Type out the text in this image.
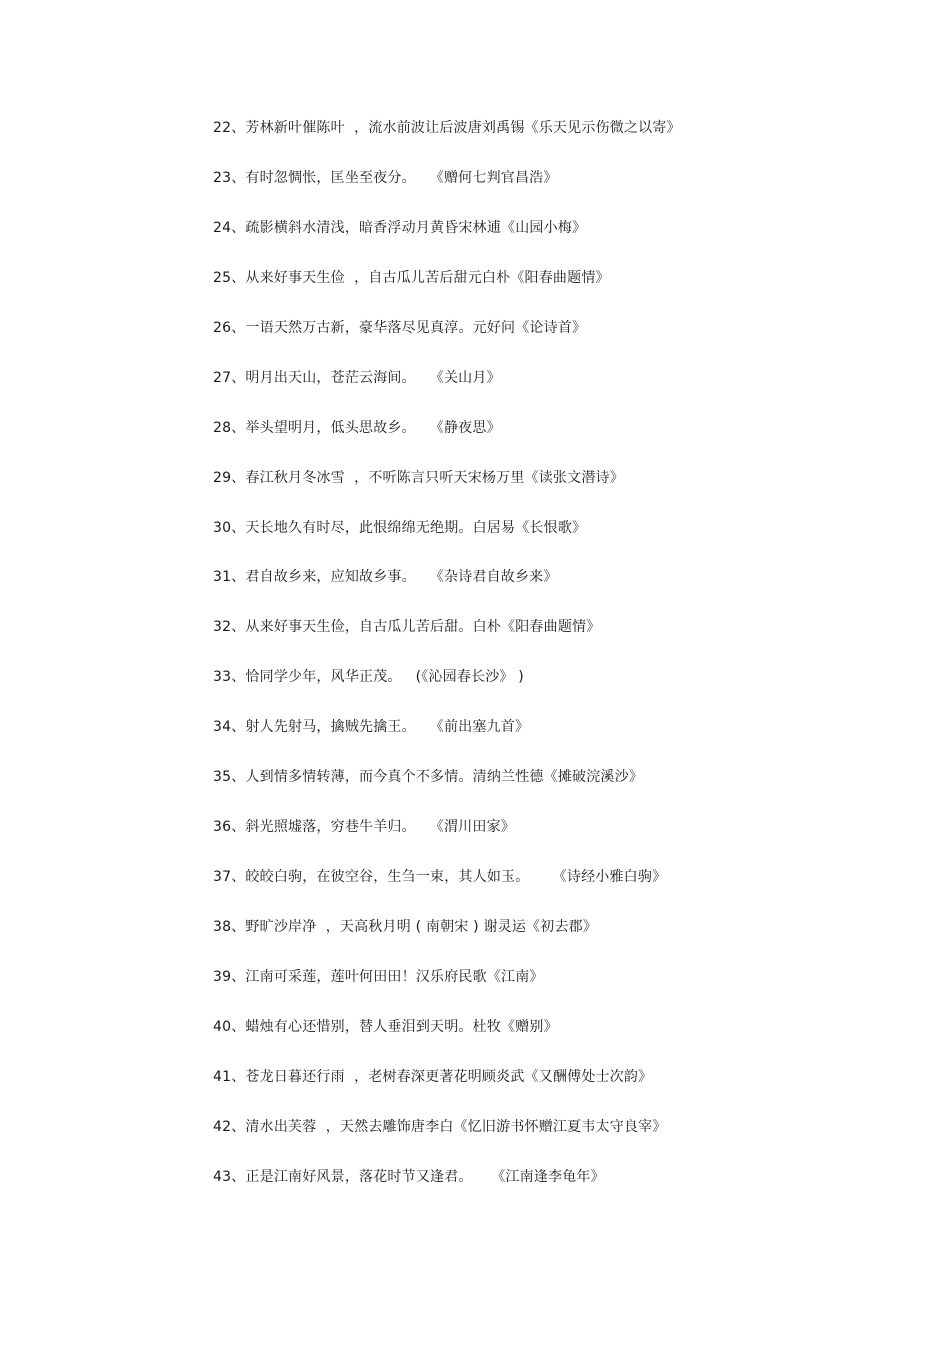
22、芳林新叶催陈叶  ，流水前波让后波唐刘禹锡《乐天见示伤微之以寄》
23、有时忽惆怅，匡坐至夜分。   《赠何七判官昌浩》
24、疏影横斜水清浅，暗香浮动月黄昏宋林逋《山园小梅》
25、从来好事天生俭  ，自古瓜儿苦后甜元白朴《阳春曲题情》
26、一语天然万古新，豪华落尽见真淳。元好问《论诗首》
27、明月出天山，苍茫云海间。   《关山月》
28、举头望明月，低头思故乡。   《静夜思》
29、春江秋月冬冰雪  ，不听陈言只听天宋杨万里《读张文潜诗》
30、天长地久有时尽，此恨绵绵无绝期。白居易《长恨歌》
31、君自故乡来，应知故乡事。   《杂诗君自故乡来》
32、从来好事天生俭，自古瓜儿苦后甜。白朴《阳春曲题情》
33、恰同学少年，风华正茂。   (《沁园春长沙》 )
34、射人先射马，擒贼先擒王。   《前出塞九首》
35、人到情多情转薄，而今真个不多情。清纳兰性德《摊破浣溪沙》
36、斜光照墟落，穷巷牛羊归。   《渭川田家》
37、皎皎白驹，在彼空谷，生刍一束，其人如玉。     《诗经小雅白驹》
38、野旷沙岸净  ，天高秋月明 ( 南朝宋 ) 谢灵运《初去郡》
39、江南可采莲，莲叶何田田！汉乐府民歌《江南》
40、蜡烛有心还惜别，替人垂泪到天明。杜牧《赠别》
41、苍龙日暮还行雨  ，老树春深更著花明顾炎武《又酬傅处士次韵》
42、清水出芙蓉  ，天然去雕饰唐李白《忆旧游书怀赠江夏韦太守良宰》
43、正是江南好风景，落花时节又逢君。    《江南逢李龟年》
